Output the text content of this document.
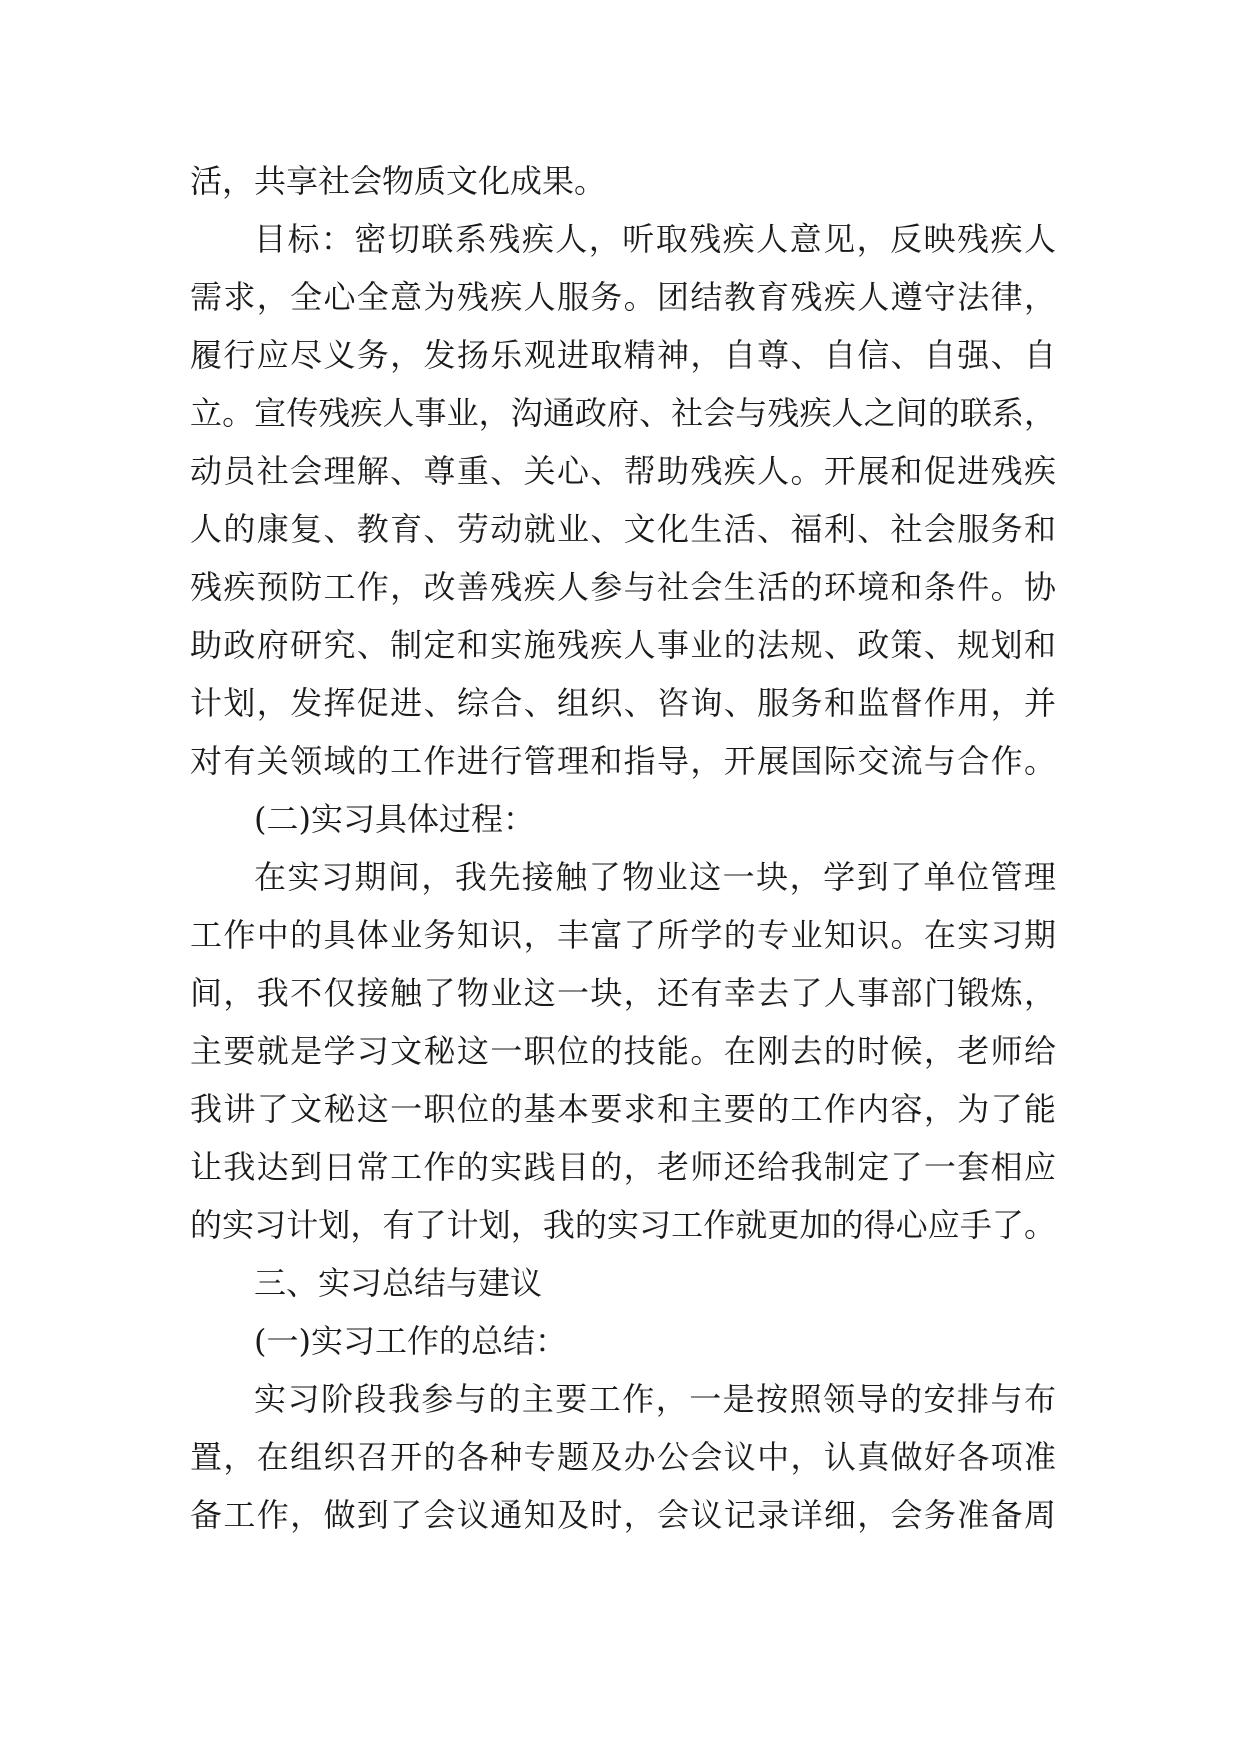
活，共享社会物质文化成果。
目标：密切联系残疾人，听取残疾人意见，反映残疾人
需求，全心全意为残疾人服务。团结教育残疾人遵守法律，
履行应尽义务，发扬乐观进取精神，自尊、自信、自强、自
立。宣传残疾人事业，沟通政府、社会与残疾人之间的联系，
动员社会理解、尊重、关心、帮助残疾人。开展和促进残疾
人的康复、教育、劳动就业、文化生活、福利、社会服务和
残疾预防工作，改善残疾人参与社会生活的环境和条件。协
助政府研究、制定和实施残疾人事业的法规、政策、规划和
计划，发挥促进、综合、组织、咨询、服务和监督作用，并
对有关领域的工作进行管理和指导，开展国际交流与合作。
(二)实习具体过程：
在实习期间，我先接触了物业这一块，学到了单位管理
工作中的具体业务知识，丰富了所学的专业知识。在实习期
间，我不仅接触了物业这一块，还有幸去了人事部门锻炼，
主要就是学习文秘这一职位的技能。在刚去的时候，老师给
我讲了文秘这一职位的基本要求和主要的工作内容，为了能
让我达到日常工作的实践目的，老师还给我制定了一套相应
的实习计划，有了计划，我的实习工作就更加的得心应手了。
三、实习总结与建议
(一)实习工作的总结：
实习阶段我参与的主要工作，一是按照领导的安排与布
置，在组织召开的各种专题及办公会议中，认真做好各项准
备工作，做到了会议通知及时，会议记录详细，会务准备周
